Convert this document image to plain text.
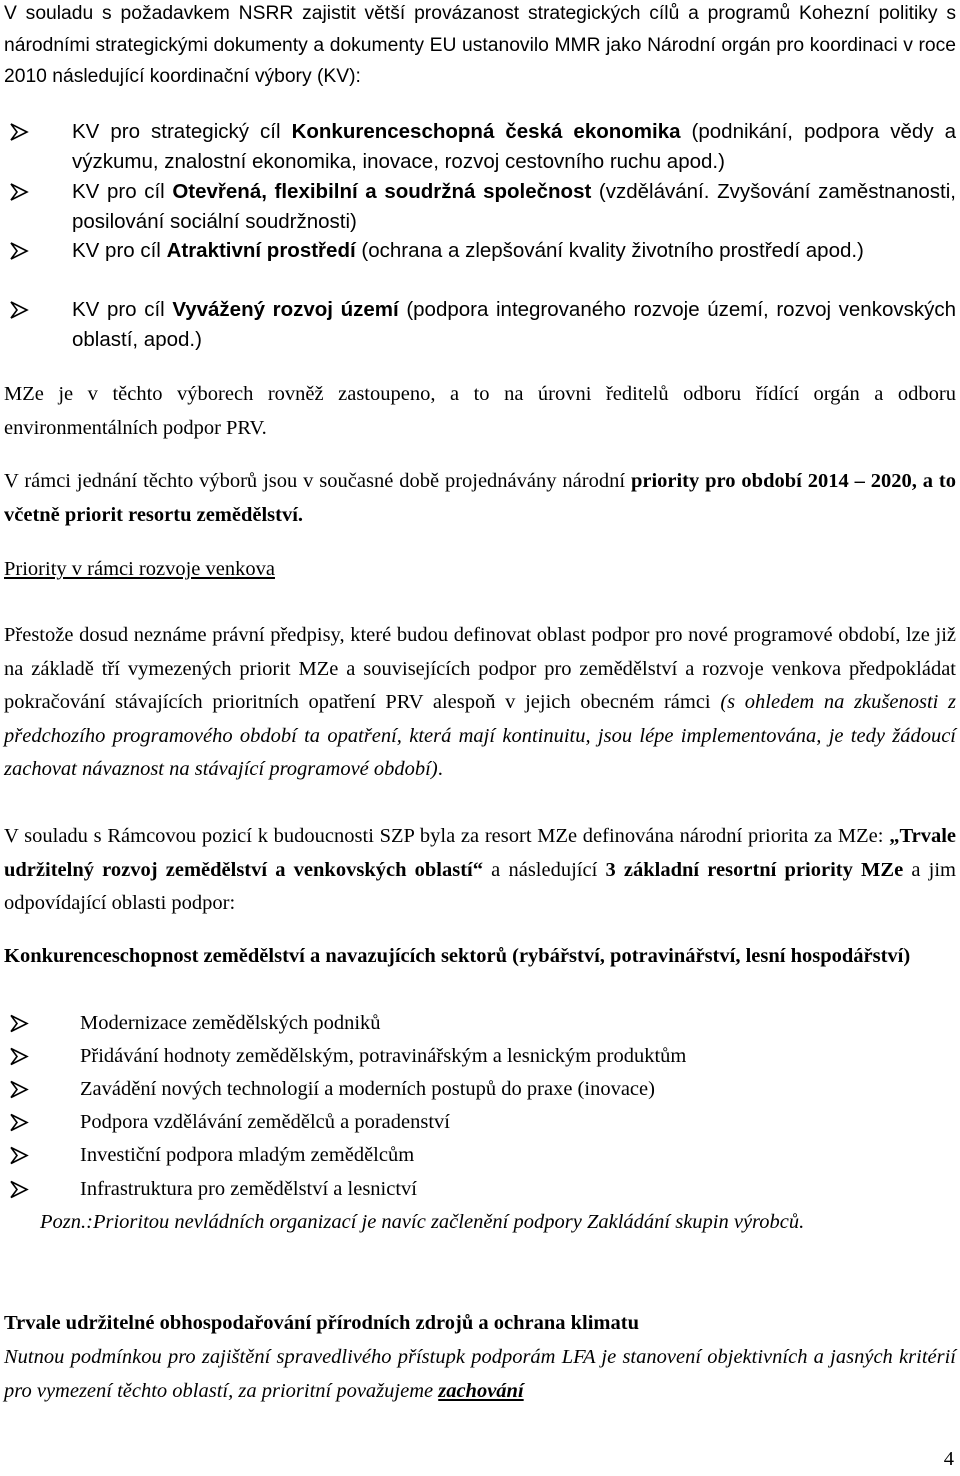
V souladu s požadavkem NSRR zajistit větší provázanost strategických cílů a programů Kohezní politiky s národními strategickými dokumenty a dokumenty EU ustanovilo MMR jako Národní orgán pro koordinaci v roce 2010 následující koordinační výbory (KV):
KV pro strategický cíl Konkurenceschopná česká ekonomika (podnikání, podpora vědy a výzkumu, znalostní ekonomika, inovace, rozvoj cestovního ruchu apod.)
KV pro cíl Otevřená, flexibilní a soudržná společnost (vzdělávání. Zvyšování zaměstnanosti, posilování sociální soudržnosti)
KV pro cíl Atraktivní prostředí (ochrana a zlepšování kvality životního prostředí apod.)
KV pro cíl Vyvážený rozvoj území (podpora integrovaného rozvoje území, rozvoj venkovských oblastí, apod.)
MZe je v těchto výborech rovněž zastoupeno, a to na úrovni ředitelů odboru řídící orgán a odboru environmentálních podpor PRV.
V rámci jednání těchto výborů jsou v současné době projednávány národní priority pro období 2014 – 2020, a to včetně priorit resortu zemědělství.
Priority v rámci rozvoje venkova
Přestože dosud neznáme právní předpisy, které budou definovat oblast podpor pro nové programové období, lze již na základě tří vymezených priorit MZe a souvisejících podpor pro zemědělství a rozvoje venkova předpokládat pokračování stávajících prioritních opatření PRV alespoň v jejich obecném rámci (s ohledem na zkušenosti z předchozího programového období ta opatření, která mají kontinuitu, jsou lépe implementována, je tedy žádoucí zachovat návaznost na stávající programové období).
V souladu s Rámcovou pozicí k budoucnosti SZP byla za resort MZe definována národní priorita za MZe: „Trvale udržitelný rozvoj zemědělství a venkovských oblastí“ a následující 3 základní resortní priority MZe a jim odpovídající oblasti podpor:
Konkurenceschopnost zemědělství a navazujících sektorů (rybářství, potravinářství, lesní hospodářství)
Modernizace zemědělských podniků
Přidávání hodnoty zemědělským, potravinářským a lesnickým produktům
Zavádění nových technologií a moderních postupů do praxe (inovace)
Podpora vzdělávání zemědělců a poradenství
Investiční podpora mladým zemědělcům
Infrastruktura pro zemědělství a lesnictví
Pozn.:Prioritou nevládních organizací je navíc začlenění podpory Zakládání skupin výrobců.
Trvale udržitelné obhospodařování přírodních zdrojů a ochrana klimatu
Nutnou podmínkou pro zajištění spravedlivého přístupk podporám LFA je stanovení objektivních a jasných kritérií pro vymezení těchto oblastí, za prioritní považujeme zachování
4
